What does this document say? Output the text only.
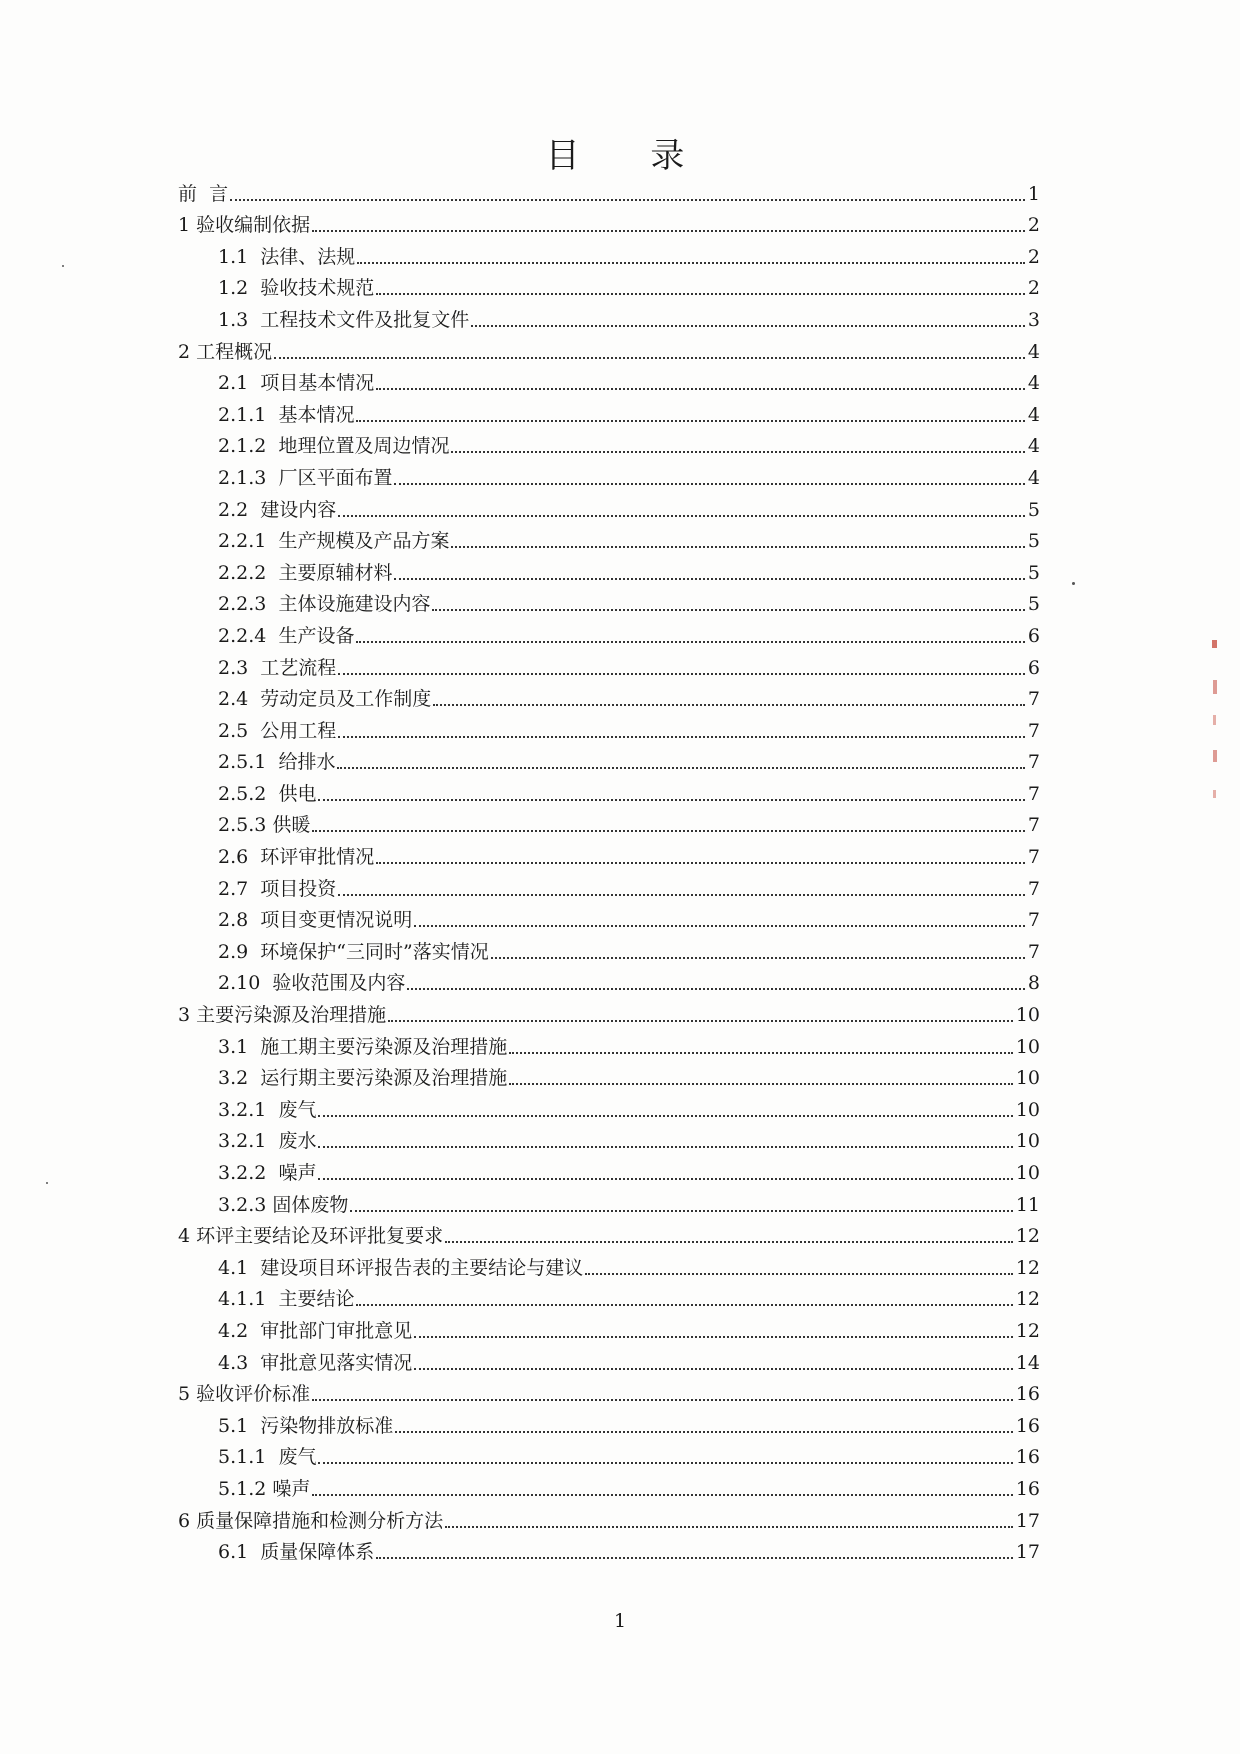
目 录
前 言	1
1 验收编制依据	2
1.1 法律、法规	2
1.2 验收技术规范	2
1.3 工程技术文件及批复文件	3
2 工程概况	4
2.1 项目基本情况	4
2.1.1 基本情况	4
2.1.2 地理位置及周边情况	4
2.1.3 厂区平面布置	4
2.2 建设内容	5
2.2.1 生产规模及产品方案	5
2.2.2 主要原辅材料	5
2.2.3 主体设施建设内容	5
2.2.4 生产设备	6
2.3 工艺流程	6
2.4 劳动定员及工作制度	7
2.5 公用工程	7
2.5.1 给排水	7
2.5.2 供电	7
2.5.3 供暖	7
2.6 环评审批情况	7
2.7 项目投资	7
2.8 项目变更情况说明	7
2.9 环境保护“三同时”落实情况	7
2.10 验收范围及内容	8
3 主要污染源及治理措施	10
3.1 施工期主要污染源及治理措施	10
3.2 运行期主要污染源及治理措施	10
3.2.1 废气	10
3.2.1 废水	10
3.2.2 噪声	10
3.2.3 固体废物	11
4 环评主要结论及环评批复要求	12
4.1 建设项目环评报告表的主要结论与建议	12
4.1.1 主要结论	12
4.2 审批部门审批意见	12
4.3 审批意见落实情况	14
5 验收评价标准	16
5.1 污染物排放标准	16
5.1.1 废气	16
5.1.2 噪声	16
6 质量保障措施和检测分析方法	17
6.1 质量保障体系	17
1
